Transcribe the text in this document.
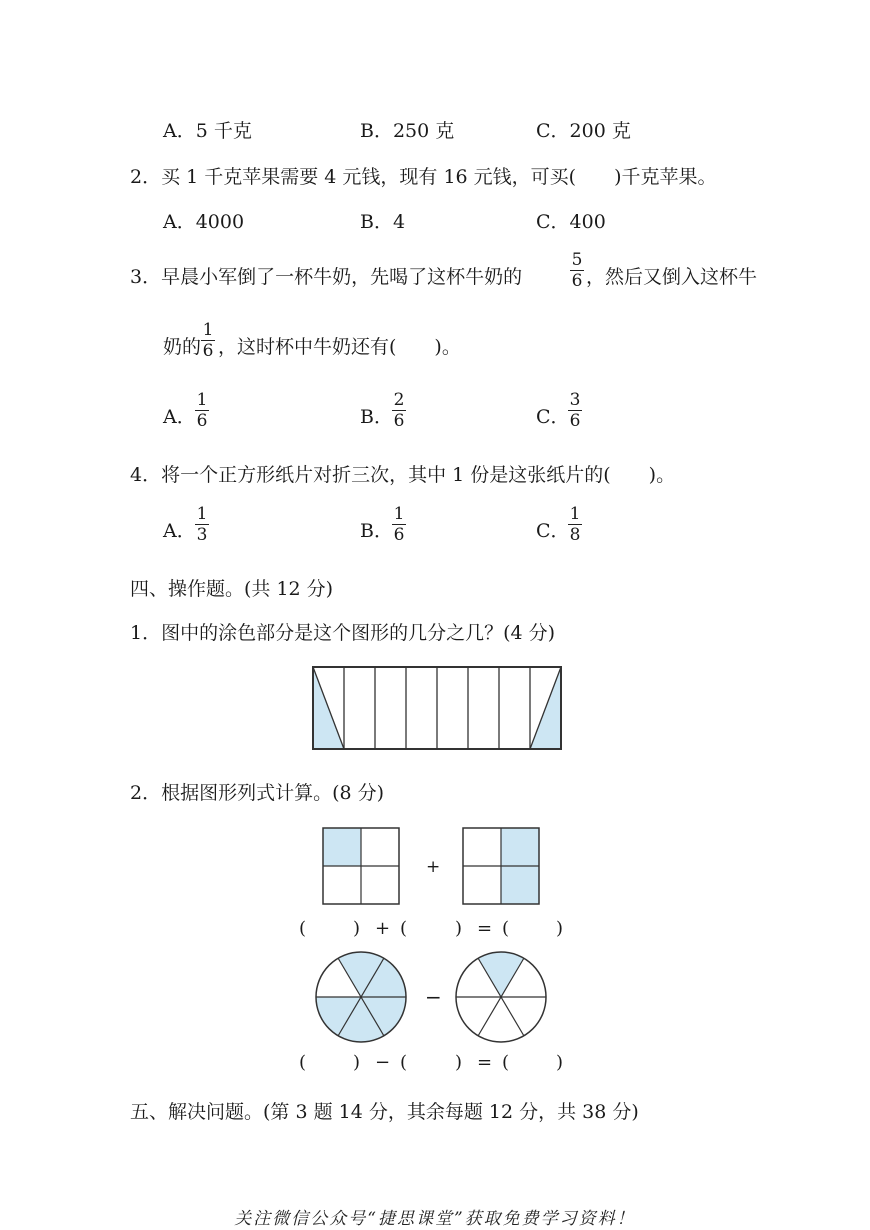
A．5 千克	B．250 克	C．200 克
2．买 1 千克苹果需要 4 元钱，现有 16 元钱，可买(　　)千克苹果。
A．4000	B．4	C．400
3．早晨小军倒了一杯牛奶，先喝了这杯牛奶的
5
6 ，然后又倒入这杯牛
奶的
1
6 ，这时杯中牛奶还有(　　)。
A．
1
6	B．
2
6	C．
3
6
4．将一个正方形纸片对折三次，其中 1 份是这张纸片的(　　)。
A．
1
3	B．
1
6	C．
1
8
四、操作题。(共 12 分)
1．图中的涂色部分是这个图形的几分之几？(4 分)
2．根据图形列式计算。(8 分)
+
−
(	) + (	) = (	)
(	) − (	) = (	)
五、解决问题。(第 3 题 14 分，其余每题 12 分，共 38 分)
关注微信公众号“捷思课堂”获取免费学习资料！
